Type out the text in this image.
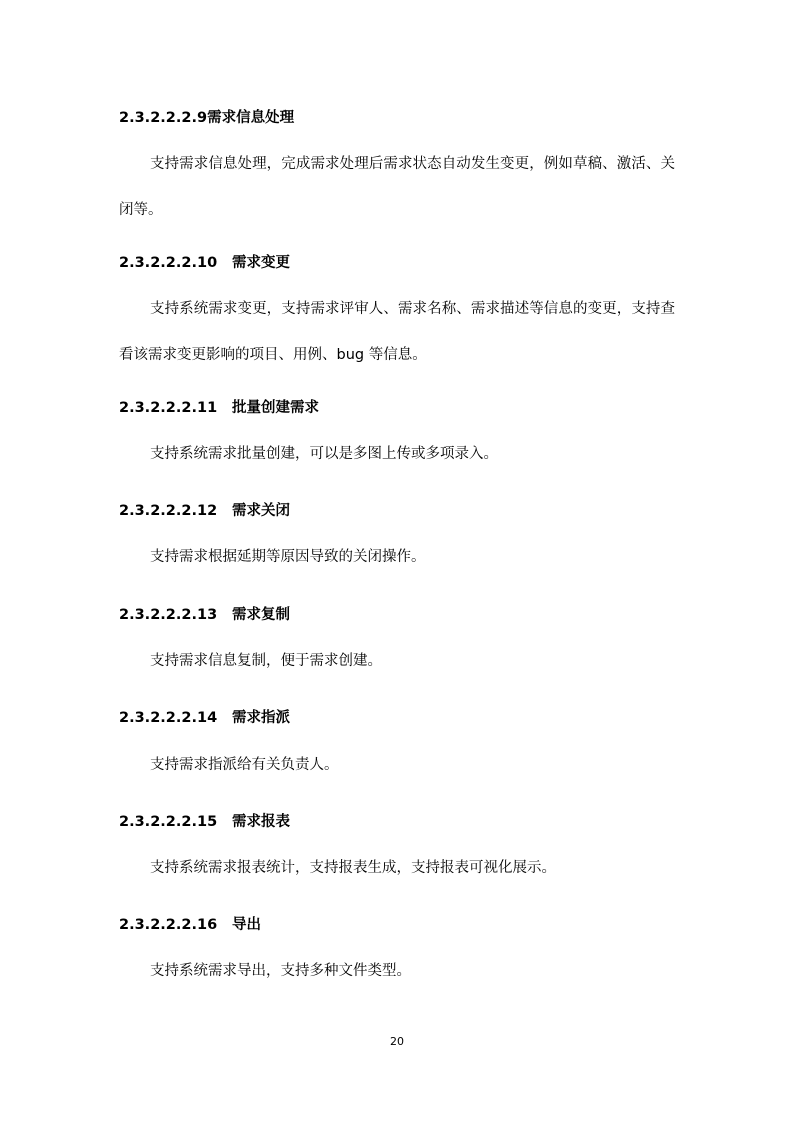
2.3.2.2.2.9需求信息处理
支持需求信息处理，完成需求处理后需求状态自动发生变更，例如草稿、激活、关闭等。
2.3.2.2.2.10 需求变更
支持系统需求变更，支持需求评审人、需求名称、需求描述等信息的变更，支持查看该需求变更影响的项目、用例、bug 等信息。
2.3.2.2.2.11 批量创建需求
支持系统需求批量创建，可以是多图上传或多项录入。
2.3.2.2.2.12 需求关闭
支持需求根据延期等原因导致的关闭操作。
2.3.2.2.2.13 需求复制
支持需求信息复制，便于需求创建。
2.3.2.2.2.14 需求指派
支持需求指派给有关负责人。
2.3.2.2.2.15 需求报表
支持系统需求报表统计，支持报表生成，支持报表可视化展示。
2.3.2.2.2.16 导出
支持系统需求导出，支持多种文件类型。
20
